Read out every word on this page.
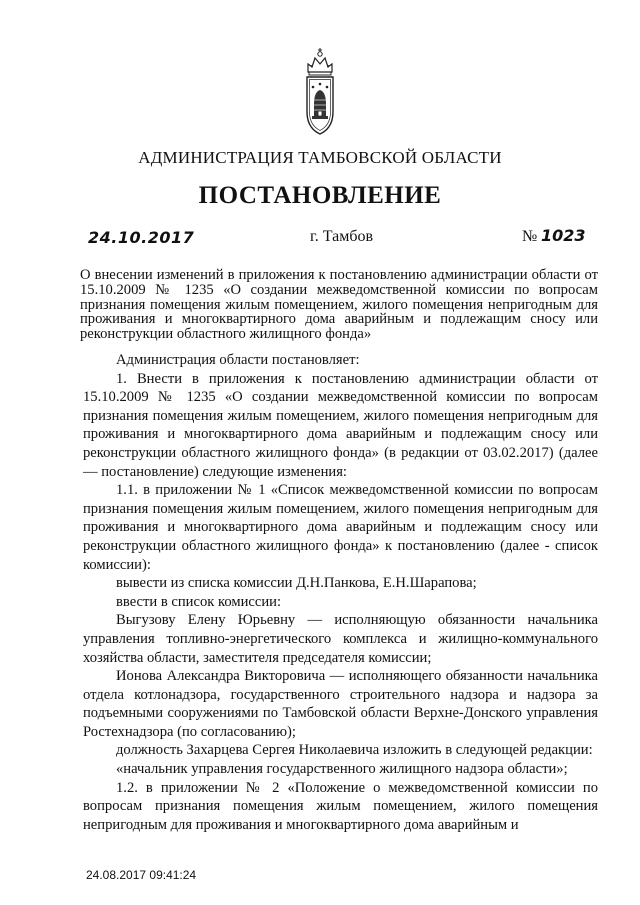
АДМИНИСТРАЦИЯ ТАМБОВСКОЙ ОБЛАСТИ
ПОСТАНОВЛЕНИЕ
24.10.2017	г. Тамбов	№ 1023
О внесении изменений в приложения к постановлению администрации области от 15.10.2009 № 1235 «О создании межведомственной комиссии по вопросам признания помещения жилым помещением, жилого помещения непригодным для проживания и многоквартирного дома аварийным и подлежащим сносу или реконструкции областного жилищного фонда»

Администрация области постановляет:

1. Внести в приложения к постановлению администрации области от 15.10.2009 № 1235 «О создании межведомственной комиссии по вопросам признания помещения жилым помещением, жилого помещения непригодным для проживания и многоквартирного дома аварийным и подлежащим сносу или реконструкции областного жилищного фонда» (в редакции от 03.02.2017) (далее — постановление) следующие изменения:

1.1. в приложении № 1 «Список межведомственной комиссии по вопросам признания помещения жилым помещением, жилого помещения непригодным для проживания и многоквартирного дома аварийным и подлежащим сносу или реконструкции областного жилищного фонда» к постановлению (далее - список комиссии):

вывести из списка комиссии Д.Н.Панкова, Е.Н.Шарапова;

ввести в список комиссии:

Выгузову Елену Юрьевну — исполняющую обязанности начальника управления топливно-энергетического комплекса и жилищно-коммунального хозяйства области, заместителя председателя комиссии;

Ионова Александра Викторовича — исполняющего обязанности начальника отдела котлонадзора, государственного строительного надзора и надзора за подъемными сооружениями по Тамбовской области Верхне-Донского управления Ростехнадзора (по согласованию);

должность Захарцева Сергея Николаевича изложить в следующей редакции:

«начальник управления государственного жилищного надзора области»;

1.2. в приложении № 2 «Положение о межведомственной комиссии по вопросам признания помещения жилым помещением, жилого помещения непригодным для проживания и многоквартирного дома аварийным и

24.08.2017 09:41:24
